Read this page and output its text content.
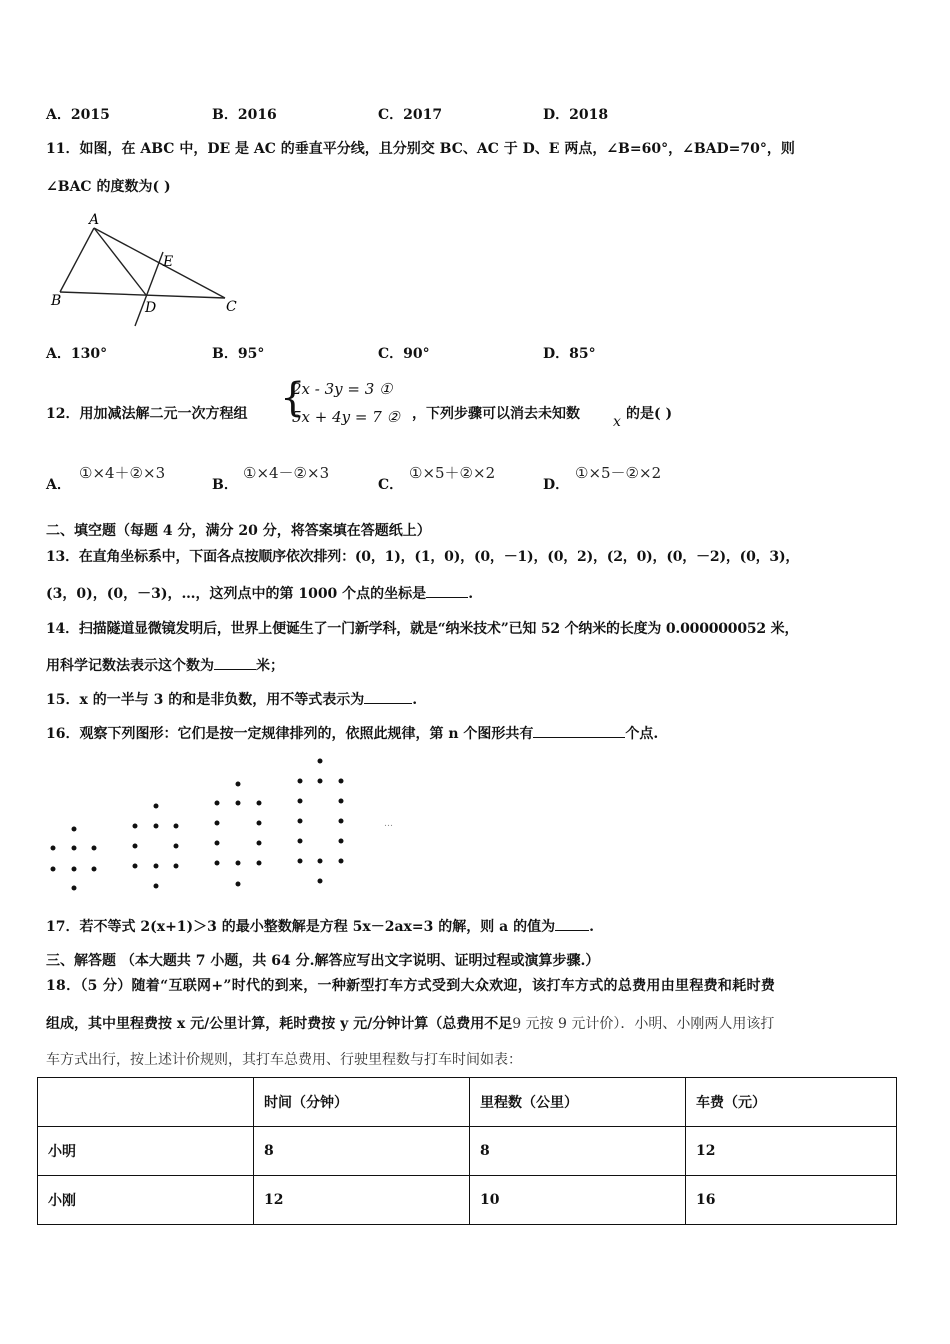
A．2015	B．2016	C．2017	D．2018
11．如图，在 ABC 中，DE 是 AC 的垂直平分线，且分别交 BC、AC 于 D、E 两点，∠B=60°，∠BAD=70°，则
∠BAC 的度数为( )
A
B	C
D
E
A．130°	B．95°	C．90°	D．85°
12．用加减法解二元一次方程组 {
2x - 3y = 3 ①
5x + 4y = 7 ② ，下列步骤可以消去未知数 x 的是( )
A．
①×4＋②×3
B．
①×4－②×3
C．
①×5＋②×2
D．
①×5－②×2
二、填空题（每题 4 分，满分 20 分，将答案填在答题纸上）
13．在直角坐标系中，下面各点按顺序依次排列：(0，1)，(1，0)，(0，－1)，(0，2)，(2，0)，(0，－2)，(0，3)，
(3，0)，(0，－3)，…，这列点中的第 1000 个点的坐标是	.
14．扫描隧道显微镜发明后，世界上便诞生了一门新学科，就是“纳米技术”已知 52 个纳米的长度为 0.000000052 米，
用科学记数法表示这个数为	米；
15．x 的一半与 3 的和是非负数，用不等式表示为	.
16．观察下列图形：它们是按一定规律排列的，依照此规律，第 n 个图形共有	个点.
…
17．若不等式 2(x+1)＞3 的最小整数解是方程 5x－2ax=3 的解，则 a 的值为 .
三、解答题 （本大题共 7 小题，共 64 分.解答应写出文字说明、证明过程或演算步骤.）
18．（5 分）随着“互联网+”时代的到来，一种新型打车方式受到大众欢迎，该打车方式的总费用由里程费和耗时费
组成，其中里程费按 x 元/公里计算，耗时费按 y 元/分钟计算（总费用不足9 元按 9 元计价）．小明、小刚两人用该打
车方式出行，按上述计价规则，其打车总费用、行驶里程数与打车时间如表：
	时间（分钟）	里程数（公里）	车费（元）
小明	8	8	12
小刚	12	10	16
